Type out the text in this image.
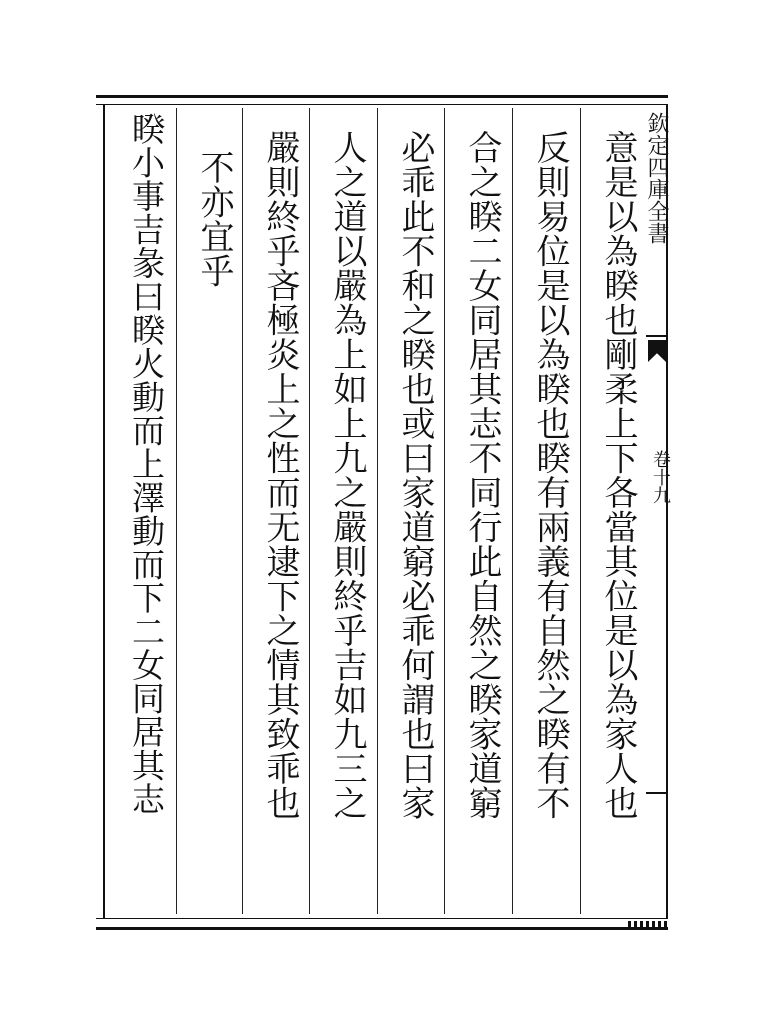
意是以為睽也剛柔上下各當其位是以為家人也
反則易位是以為睽也睽有兩義有自然之睽有不
合之睽二女同居其志不同行此自然之睽家道窮
必乖此不和之睽也或曰家道窮必乖何謂也曰家
人之道以嚴為上如上九之嚴則終乎吉如九三之
嚴則終乎吝極炎上之性而无逮下之情其致乖也
不亦宜乎
睽小事吉彖曰睽火動而上澤動而下二女同居其志	欽定四庫全書
卷十九
